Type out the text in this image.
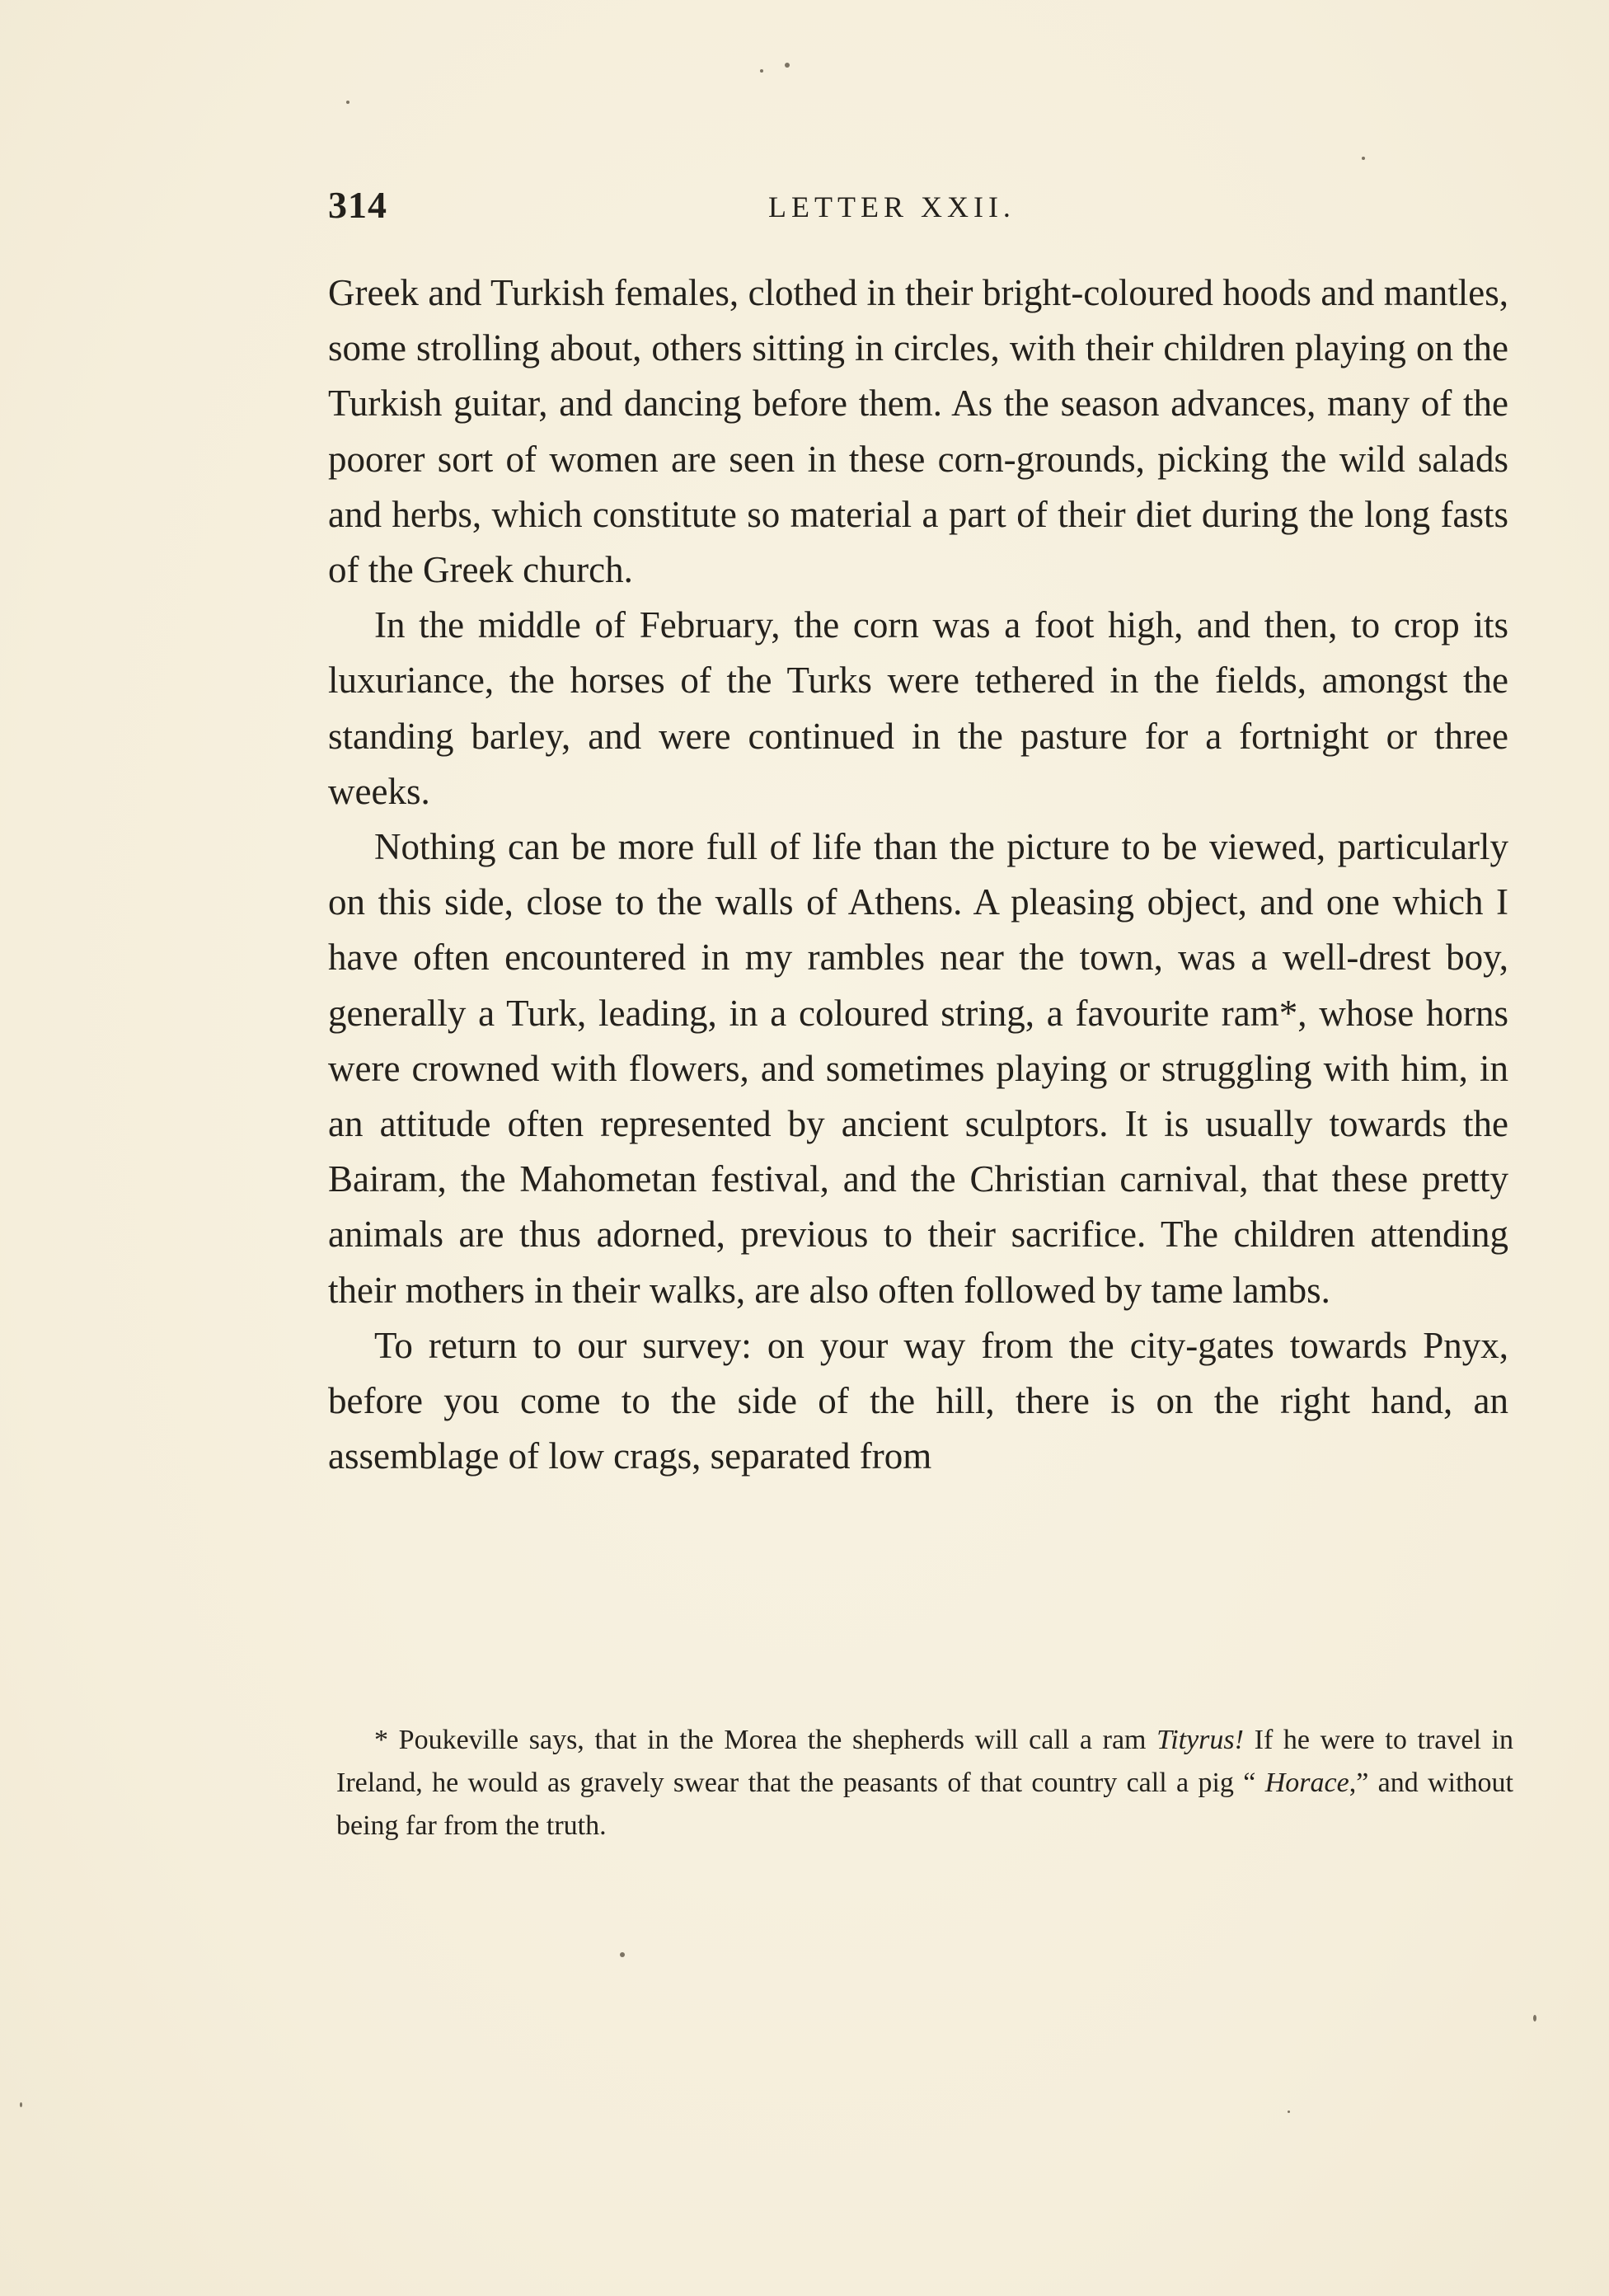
314	LETTER XXII.

Greek and Turkish females, clothed in their bright-coloured hoods and mantles, some strolling about, others sitting in circles, with their children playing on the Turkish guitar, and dancing before them. As the season advances, many of the poorer sort of women are seen in these corn-grounds, picking the wild salads and herbs, which constitute so material a part of their diet during the long fasts of the Greek church.

In the middle of February, the corn was a foot high, and then, to crop its luxuriance, the horses of the Turks were tethered in the fields, amongst the standing barley, and were continued in the pasture for a fortnight or three weeks.

Nothing can be more full of life than the picture to be viewed, particularly on this side, close to the walls of Athens. A pleasing object, and one which I have often encountered in my rambles near the town, was a well-drest boy, generally a Turk, leading, in a coloured string, a favourite ram*, whose horns were crowned with flowers, and sometimes playing or struggling with him, in an attitude often represented by ancient sculptors. It is usually towards the Bairam, the Mahometan festival, and the Christian carnival, that these pretty animals are thus adorned, previous to their sacrifice. The children attending their mothers in their walks, are also often followed by tame lambs.

To return to our survey: on your way from the city-gates towards Pnyx, before you come to the side of the hill, there is on the right hand, an assemblage of low crags, separated from

* Poukeville says, that in the Morea the shepherds will call a ram Tityrus! If he were to travel in Ireland, he would as gravely swear that the peasants of that country call a pig “ Horace,” and without being far from the truth.
